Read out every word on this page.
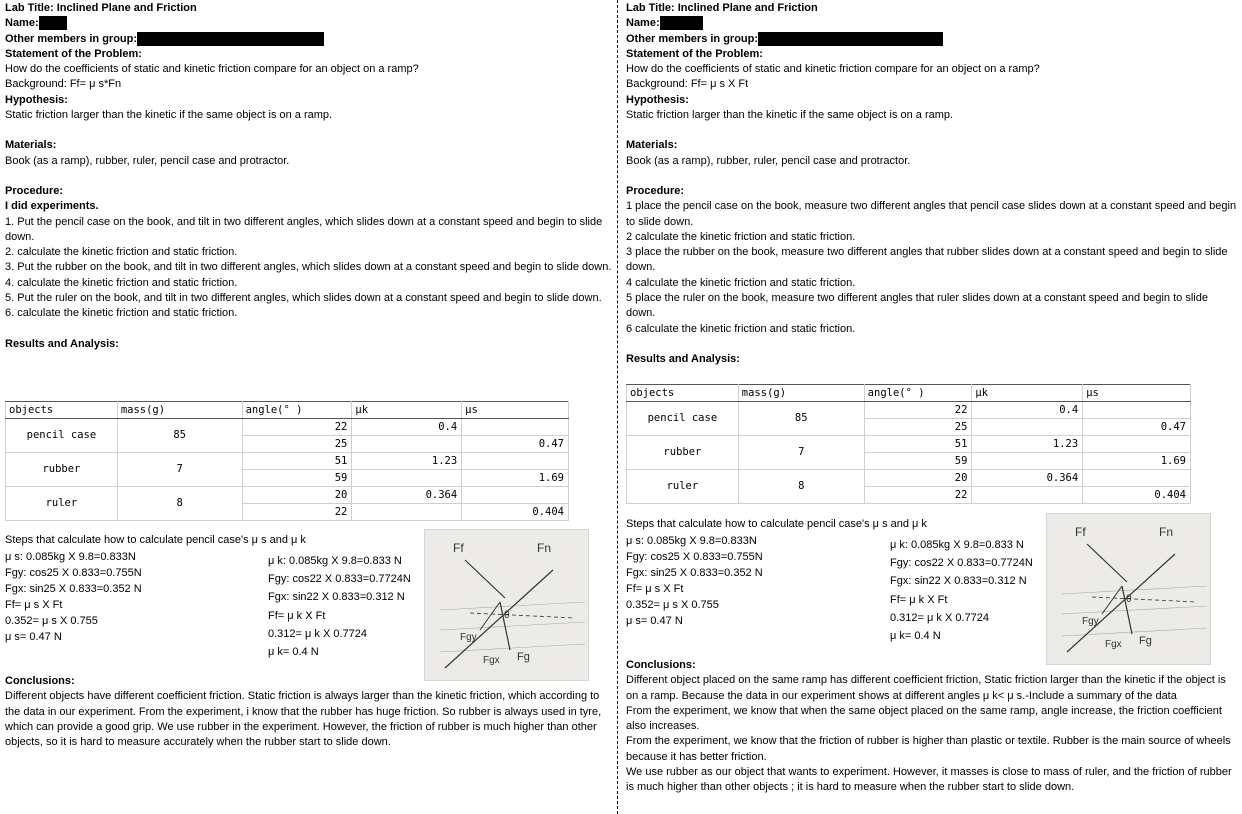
Lab Title: Inclined Plane and Friction
Name:
Other members in group:
Statement of the Problem:
How do the coefficients of static and kinetic friction compare for an object on a ramp?
Background: Ff= μ s*Fn
Hypothesis:
Static friction larger than the kinetic if the same object is on a ramp.
Materials:
Book (as a ramp), rubber, ruler, pencil case and protractor.
Procedure:
I did experiments.
1. Put the pencil case on the book, and tilt in two different angles, which slides down at a constant speed and begin to slide down.
2. calculate the kinetic friction and static friction.
3. Put the rubber on the book, and tilt in two different angles, which slides down at a constant speed and begin to slide down.
4. calculate the kinetic friction and static friction.
5. Put the ruler on the book, and tilt in two different angles, which slides down at a constant speed and begin to slide down.
6. calculate the kinetic friction and static friction.
Results and Analysis:
objects	mass(g)	angle(° )	μk	μs
pencil case	85	22	0.4	
		25		0.47
rubber	7	51	1.23	
		59		1.69
ruler	8	20	0.364	
		22		0.404
Steps that calculate how to calculate pencil case's μ s and μ k
μ s: 0.085kg X 9.8=0.833N
Fgy: cos25 X 0.833=0.755N
Fgx: sin25 X 0.833=0.352 N
Ff= μ s X Ft
0.352= μ s X 0.755
μ s= 0.47 N
μ k: 0.085kg X 9.8=0.833 N
Fgy: cos22 X 0.833=0.7724N
Fgx: sin22 X 0.833=0.312 N
Ff= μ k X Ft
0.312= μ k X 0.7724
μ k= 0.4 N
Ff	Fn
Fgy
Fgx Fg
θ
Conclusions:
Different objects have different coefficient friction. Static friction is always larger than the kinetic friction, which according to the data in our experiment. From the experiment, i know that the rubber has huge friction. So rubber is always used in tyre, which can provide a good grip. We use rubber in the experiment. However, the friction of rubber is much higher than other objects, so it is hard to measure accurately when the rubber start to slide down.
Lab Title: Inclined Plane and Friction
Name:
Other members in group:
Statement of the Problem:
How do the coefficients of static and kinetic friction compare for an object on a ramp?
Background: Ff= μ s X Ft
Hypothesis:
Static friction larger than the kinetic if the same object is on a ramp.
Materials:
Book (as a ramp), rubber, ruler, pencil case and protractor.
Procedure:
1 place the pencil case on the book, measure two different angles that pencil case slides down at a constant speed and begin to slide down.
2 calculate the kinetic friction and static friction.
3 place the rubber on the book, measure two different angles that rubber slides down at a constant speed and begin to slide down.
4 calculate the kinetic friction and static friction.
5 place the ruler on the book, measure two different angles that ruler slides down at a constant speed and begin to slide down.
6 calculate the kinetic friction and static friction.
Results and Analysis:
objects	mass(g)	angle(° )	μk	μs
pencil case	85	22	0.4	
		25		0.47
rubber	7	51	1.23	
		59		1.69
ruler	8	20	0.364	
		22		0.404
Steps that calculate how to calculate pencil case's μ s and μ k
μ s: 0.085kg X 9.8=0.833N
Fgy: cos25 X 0.833=0.755N
Fgx: sin25 X 0.833=0.352 N
Ff= μ s X Ft
0.352= μ s X 0.755
μ s= 0.47 N
μ k: 0.085kg X 9.8=0.833 N
Fgy: cos22 X 0.833=0.7724N
Fgx: sin22 X 0.833=0.312 N
Ff= μ k X Ft
0.312= μ k X 0.7724
μ k= 0.4 N
Ff	Fn
Fgy
Fgx Fg
θ
Conclusions:
Different object placed on the same ramp has different coefficient friction, Static friction larger than the kinetic if the object is on a ramp. Because the data in our experiment shows at different angles μ k< μ s.-Include a summary of the data
From the experiment, we know that when the same object placed on the same ramp, angle increase, the friction coefficient also increases.
From the experiment, we know that the friction of rubber is higher than plastic or textile. Rubber is the main source of wheels because it has better friction.
We use rubber as our object that wants to experiment. However, it masses is close to mass of ruler, and the friction of rubber is much higher than other objects ; it is hard to measure when the rubber start to slide down.
